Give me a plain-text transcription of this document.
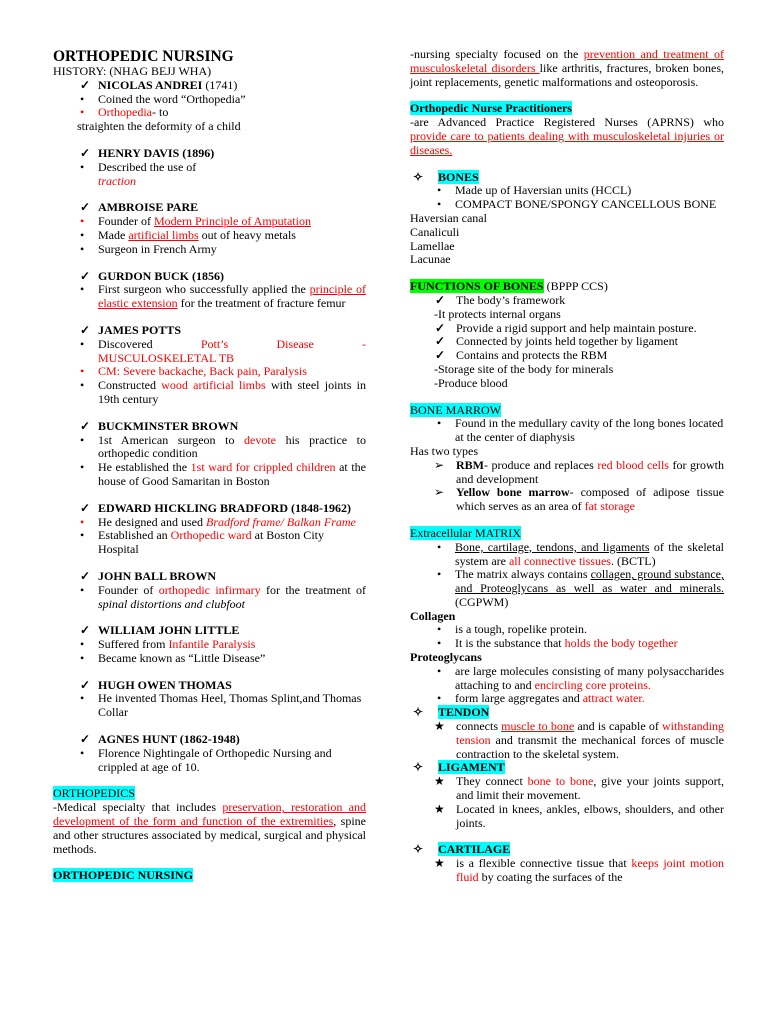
ORTHOPEDIC NURSING
HISTORY: (NHAG BEJJ WHA)
✓ NICOLAS ANDREI (1741)
• Coined the word “Orthopedia”
• Orthopedia- to
straighten the deformity of a child
✓ HENRY DAVIS (1896)
• Described the use of
traction
✓ AMBROISE PARE
• Founder of Modern Principle of Amputation
• Made artificial limbs out of heavy metals
• Surgeon in French Army
✓ GURDON BUCK (1856)
• First surgeon who successfully applied the principle of elastic extension for the treatment of fracture femur
✓ JAMES POTTS
• Discovered	Pott’s	Disease	-
MUSCULOSKELETAL TB
• CM: Severe backache, Back pain, Paralysis
• Constructed wood artificial limbs with steel joints in 19th century
✓ BUCKMINSTER BROWN
• 1st American surgeon to devote his practice to orthopedic condition
• He established the 1st ward for crippled children at the house of Good Samaritan in Boston
✓ EDWARD HICKLING BRADFORD (1848-1962)
• He designed and used Bradford frame/ Balkan Frame
• Established an Orthopedic ward at Boston City Hospital
✓ JOHN BALL BROWN
• Founder of orthopedic infirmary for the treatment of spinal distortions and clubfoot
✓ WILLIAM JOHN LITTLE
• Suffered from Infantile Paralysis
• Became known as “Little Disease”
✓ HUGH OWEN THOMAS
• He invented Thomas Heel, Thomas Splint,and Thomas Collar
✓ AGNES HUNT (1862-1948)
• Florence Nightingale of Orthopedic Nursing and crippled at age of 10.
ORTHOPEDICS
-Medical specialty that includes preservation, restoration and development of the form and function of the extremities, spine and other structures associated by medical, surgical and physical methods.
ORTHOPEDIC NURSING
-nursing specialty focused on the prevention and treatment of musculoskeletal disorders like arthritis, fractures, broken bones, joint replacements, genetic malformations and osteoporosis.
Orthopedic Nurse Practitioners
-are Advanced Practice Registered Nurses (APRNS) who provide care to patients dealing with musculoskeletal injuries or diseases.
✧ BONES
• Made up of Haversian units (HCCL)
• COMPACT BONE/SPONGY CANCELLOUS BONE
Haversian canal
Canaliculi
Lamellae
Lacunae
FUNCTIONS OF BONES (BPPP CCS)
✓ The body’s framework
-It protects internal organs
✓ Provide a rigid support and help maintain posture.
✓ Connected by joints held together by ligament
✓ Contains and protects the RBM
-Storage site of the body for minerals
-Produce blood
BONE MARROW
• Found in the medullary cavity of the long bones located at the center of diaphysis
Has two types
➢ RBM- produce and replaces red blood cells for growth and development
➢ Yellow bone marrow- composed of adipose tissue which serves as an area of fat storage
Extracellular MATRIX
• Bone, cartilage, tendons, and ligaments of the skeletal system are all connective tissues. (BCTL)
• The matrix always contains collagen, ground substance, and Proteoglycans as well as water and minerals. (CGPWM)
Collagen
• is a tough, ropelike protein.
• It is the substance that holds the body together
Proteoglycans
• are large molecules consisting of many polysaccharides attaching to and encircling core proteins.
• form large aggregates and attract water.
✧ TENDON
★ connects muscle to bone and is capable of withstanding tension and transmit the mechanical forces of muscle contraction to the skeletal system.
✧ LIGAMENT
★ They connect bone to bone, give your joints support, and limit their movement.
★ Located in knees, ankles, elbows, shoulders, and other joints.
✧ CARTILAGE
★ is a flexible connective tissue that keeps joint motion fluid by coating the surfaces of the
